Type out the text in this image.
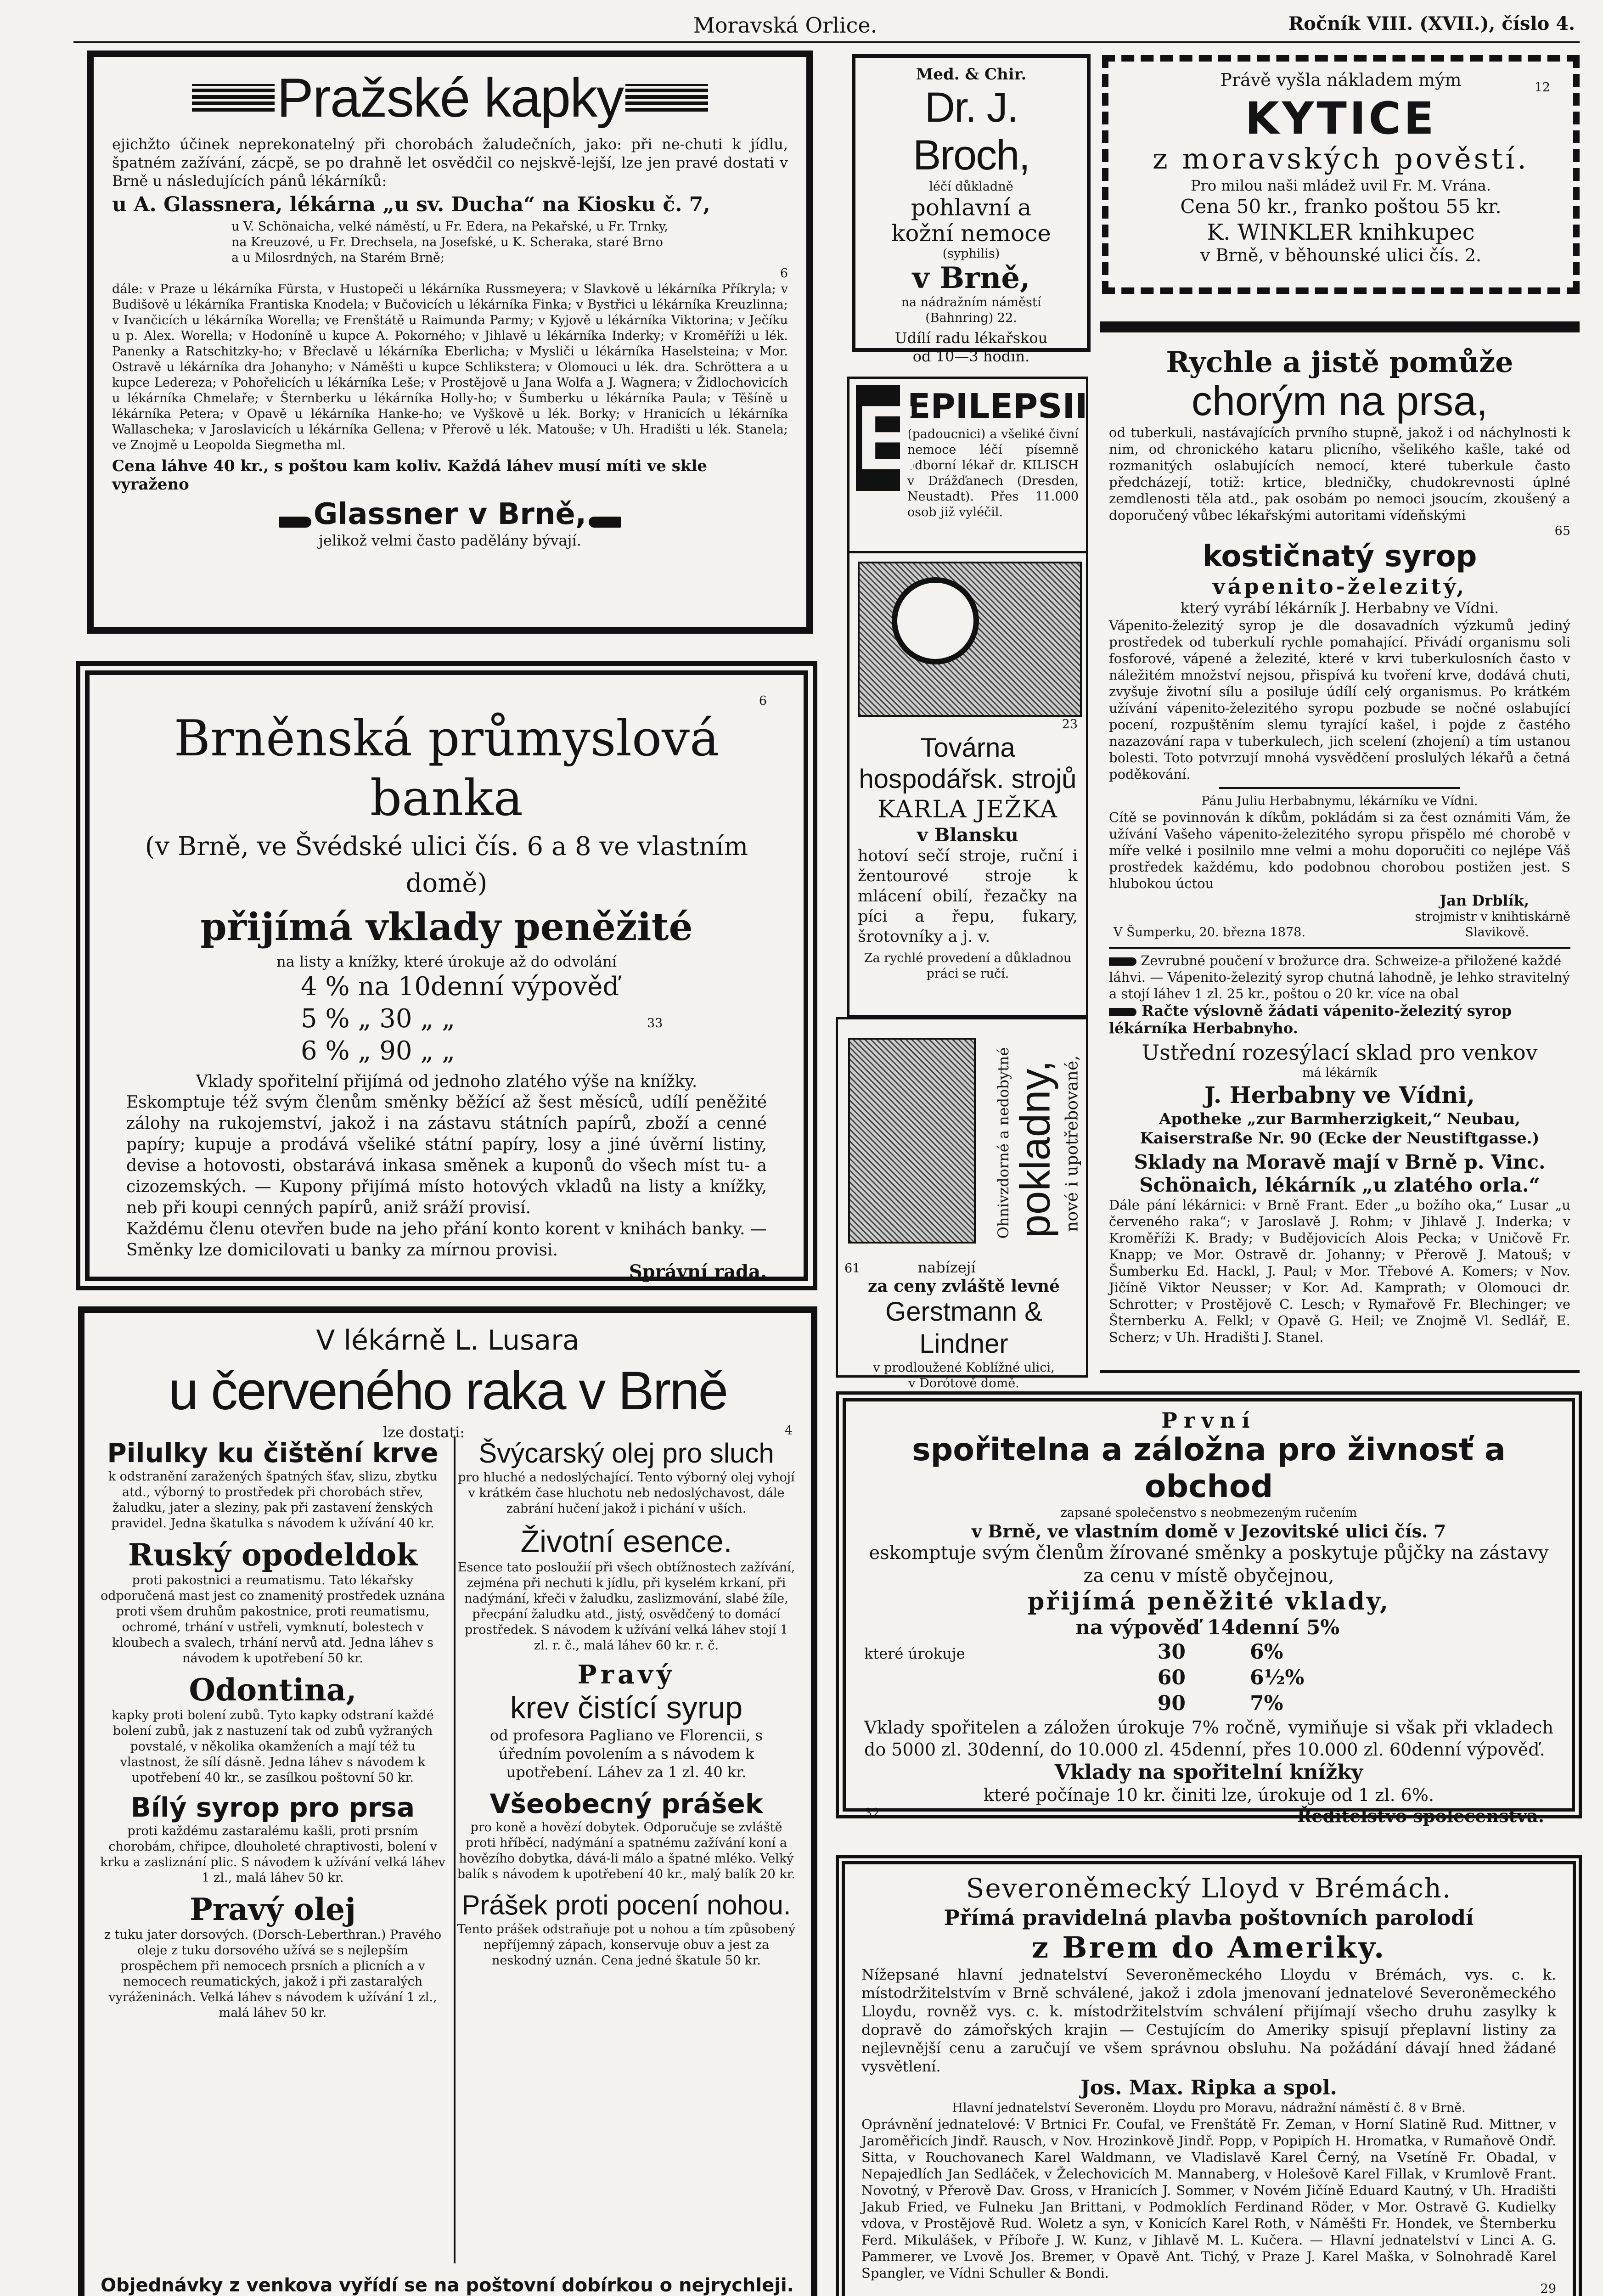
Moravská Orlice.	Ročník VIII. (XVII.), číslo 4.
Pražské kapky

ejichžto účinek neprekonatelný při chorobách žaludečních, jako: při ne-chuti k jídlu, špatném zažívání, zácpě, se po drahně let osvědčil co nejskvě-lejší, lze jen pravé dostati v Brně u následujících pánů lékárníků:

u A. Glassnera, lékárna „u sv. Ducha“ na Kiosku č. 7,

u V. Schönaicha, velké náměstí, u Fr. Edera, na Pekařské, u Fr. Trnky, na Kreuzové, u Fr. Drechsela, na Josefské, u K. Scheraka, staré Brno a u Milosrdných, na Starém Brně;

6

dále: v Praze u lékárníka Fürsta, v Hustopeči u lékárníka Russmeyera; v Slavkově u lékárníka Příkryla; v Budišově u lékárníka Frantiska Knodela; v Bučovicích u lékárníka Finka; v Bystřici u lékárníka Kreuzlinna; v Ivančicích u lékárníka Worella; ve Frenštátě u Raimunda Parmy; v Kyjově u lékárníka Viktorina; v Ječíku u p. Alex. Worella; v Hodoníně u kupce A. Pokorného; v Jihlavě u lékárníka Inderky; v Kroměříži u lék. Panenky a Ratschitzky-ho; v Břeclavě u lékárníka Eberlicha; v Mysliči u lékárníka Haselsteina; v Mor. Ostravě u lékárníka dra Johanyho; v Náměšti u kupce Schlikstera; v Olomouci u lék. dra. Schröttera a u kupce Ledereza; v Pohořelicích u lékárníka Leše; v Prostějově u Jana Wolfa a J. Wagnera; v Židlochovicích u lékárníka Chmelaře; v Šternberku u lékárníka Holly-ho; v Šumberku u lékárníka Paula; v Těšíně u lékárníka Petera; v Opavě u lékárníka Hanke-ho; ve Vyškově u lék. Borky; v Hranicích u lékárníka Wallascheka; v Jaroslavicích u lékárníka Gellena; v Přerově u lék. Matouše; v Uh. Hradišti u lék. Stanela; ve Znojmě u Leopolda Siegmetha ml.

Cena láhve 40 kr., s poštou kam koliv. Každá láhev musí míti ve skle vyraženo

Glassner v Brně,

jelikož velmi často padělány bývají.

6

Brněnská průmyslová banka

(v Brně, ve Švédské ulici čís. 6 a 8 ve vlastním domě)

přijímá vklady peněžité

na listy a knížky, které úrokuje až do odvolání

4 % na 10denní výpověď
5 % „ 30 „ „	33
6 % „ 90 „ „

Vklady spořitelní přijímá od jednoho zlatého výše na knížky.

Eskomptuje též svým členům směnky běžící až šest měsíců, udílí peněžité zálohy na rukojemství, jakož i na zástavu státních papírů, zboží a cenné papíry; kupuje a prodává všeliké státní papíry, losy a jiné úvěrní listiny, devise a hotovosti, obstarává inkasa směnek a kuponů do všech míst tu- a cizozemských. — Kupony přijímá místo hotových vkladů na listy a knížky, neb při koupi cenných papírů, aniž sráží provisí.

Každému členu otevřen bude na jeho přání konto korent v knihách banky. — Směnky lze domicilovati u banky za mírnou provisi.

Správní rada.

V lékárně L. Lusara

u červeného raka v Brně

lze dostati:	4

Pilulky ku čištění krve

k odstranění zaražených špatných šťav, slizu, zbytku atd., výborný to prostředek při chorobách střev, žaludku, jater a sleziny, pak při zastavení ženských pravidel. Jedna škatulka s návodem k užívání 40 kr.

Ruský opodeldok

proti pakostnici a reumatismu. Tato lékařsky odporučená mast jest co znamenitý prostředek uznána proti všem druhům pakostnice, proti reumatismu, ochromé, trhání v ustřeli, vymknutí, bolestech v kloubech a svalech, trhání nervů atd. Jedna láhev s návodem k upotřebení 50 kr.

Odontina,

kapky proti bolení zubů. Tyto kapky odstraní každé bolení zubů, jak z nastuzení tak od zubů vyžraných povstalé, v několika okamženích a mají též tu vlastnost, že sílí dásně. Jedna láhev s návodem k upotřebení 40 kr., se zasílkou poštovní 50 kr.

Bílý syrop pro prsa

proti každému zastaralému kašli, proti prsním chorobám, chřipce, dlouholeté chraptivosti, bolení v krku a zasliznání plic. S návodem k užívání velká láhev 1 zl., malá láhev 50 kr.

Pravý olej

z tuku jater dorsových. (Dorsch-Leberthran.) Pravého oleje z tuku dorsového užívá se s nejlepším prospěchem při nemocech prsních a plicních a v nemocech reumatických, jakož i při zastaralých vyráženinách. Velká láhev s návodem k užívání 1 zl., malá láhev 50 kr.

Švýcarský olej pro sluch

pro hluché a nedoslýchající. Tento výborný olej vyhojí v krátkém čase hluchotu neb nedoslýchavost, dále zabrání hučení jakož i pichání v uších.

Životní esence.

Esence tato posloužií při všech obtížnostech zažívání, zejména při nechuti k jídlu, při kyselém krkaní, při nadýmání, křeči v žaludku, zaslizmování, slabé žíle, přecpání žaludku atd., jistý, osvědčený to domácí prostředek. S návodem k užívání velká láhev stojí 1 zl. r. č., malá láhev 60 kr. r. č.

Pravý

krev čistící syrup

od profesora Pagliano ve Florencii, s úředním povolením a s návodem k upotřebení. Láhev za 1 zl. 40 kr.

Všeobecný prášek

pro koně a hovězí dobytek. Odporučuje se zvláště proti hříběcí, nadýmání a spatnému zažívání koní a hovězího dobytka, dává-li málo a špatné mléko. Velký balík s návodem k upotřebení 40 kr., malý balík 20 kr.

Prášek proti pocení nohou.

Tento prášek odstraňuje pot u nohou a tím způsobený nepříjemný zápach, konservuje obuv a jest za neskodný uznán. Cena jedné škatule 50 kr.

Objednávky z venkova vyřídí se na poštovní dobírkou o nejrychleji.

Med. & Chir.

Dr. J. Broch,

léčí důkladně

pohlavní a

kožní nemoce

(syphilis)

v Brně,

na nádražním náměstí

(Bahnring) 22.

Udílí radu lékařskou

od 10—3 hodin.

E

EPILEPSII

(padoucnici) a všeliké čivní nemoce léčí písemně odborní lékař dr. KILISCH v Drážďanech (Dresden, Neustadt). Přes 11.000 osob již vyléčil.

23

Továrna hospodářsk. strojů

KARLA JEŽKA

v Blansku

hotoví sečí stroje, ruční i žentourové stroje k mlácení obilí, řezačky na píci a řepu, fukary, šrotovníky a j. v.

Za rychlé provedení a důkladnou práci se ručí.

Ohnivzdorné a nedobytné pokladny, nové i upotřebované,
61	nabízejí

za ceny zvláště levné

Gerstmann & Lindner

v prodloužené Koblížné ulici,

v Dorótově domě.

Právě vyšla nákladem mým	12

KYTICE

z moravských pověstí.

Pro milou naši mládež uvil Fr. M. Vrána.

Cena 50 kr., franko poštou 55 kr.

K. WINKLER knihkupec

v Brně, v běhounské ulici čís. 2.

Rychle a jistě pomůže

chorým na prsa,

od tuberkuli, nastávajících prvního stupně, jakož i od náchylnosti k nim, od chronického kataru plicního, všelikého kašle, také od rozmanitých oslabujících nemocí, které tuberkule často předcházejí, totiž: krtice, bledničky, chudokrevnosti úplné zemdlenosti těla atd., pak osobám po nemoci jsoucím, zkoušený a doporučený vůbec lékařskými autoritami vídeňskými

65

kostičnatý syrop

vápenito-železitý,

který vyrábí lékárník J. Herbabny ve Vídni.

Vápenito-železitý syrop je dle dosavadních výzkumů jediný prostředek od tuberkulí rychle pomahající. Přivádí organismu soli fosforové, vápené a železité, které v krvi tuberkulosních často v náležitém množství nejsou, přispívá ku tvoření krve, dodává chuti, zvyšuje životní sílu a posiluje údílí celý organismus. Po krátkém užívání vápenito-železitého syropu pozbude se nočné oslabující pocení, rozpuštěním slemu tyrající kašel, i pojde z častého nazazování rapa v tuberkulech, jich scelení (zhojení) a tím ustanou bolesti. Toto potvrzují mnohá vysvědčení proslulých lékařů a četná poděkování.

Pánu Juliu Herbabnymu, lékárníku ve Vídni.

Cítě se povinnován k díkům, pokládám si za čest oznámiti Vám, že užívání Vašeho vápenito-železitého syropu přispělo mé chorobě v míře velké i posilnilo mne velmi a mohu doporučiti co nejlépe Váš prostředek každému, kdo podobnou chorobou postižen jest. S hlubokou úctou

Jan Drblík,

strojmistr v knihtiskárně

V Šumperku, 20. března 1878.	Slavikově.

Zevrubné poučení v brožurce dra. Schweize-a přiložené každé láhvi. — Vápenito-železitý syrop chutná lahodně, je lehko stravitelný a stojí láhev 1 zl. 25 kr., poštou o 20 kr. více na obal

Račte výslovně žádati vápenito-železitý syrop lékárníka Herbabnyho.

Ustřední rozesýlací sklad pro venkov

má lékárník

J. Herbabny ve Vídni,

Apotheke „zur Barmherzigkeit,“ Neubau, Kaiserstraße Nr. 90 (Ecke der Neustiftgasse.)

Sklady na Moravě mají v Brně p. Vinc. Schönaich, lékárník „u zlatého orla.“

Dále pání lékárnici: v Brně Frant. Eder „u božího oka,“ Lusar „u červeného raka“; v Jaroslavě J. Rohm; v Jihlavě J. Inderka; v Kroměříži K. Brady; v Budějovicích Alois Pecka; v Uničově Fr. Knapp; ve Mor. Ostravě dr. Johanny; v Přerově J. Matouš; v Šumberku Ed. Hackl, J. Paul; v Mor. Třebové A. Komers; v Nov. Jičíně Viktor Neusser; v Kor. Ad. Kamprath; v Olomouci dr. Schrotter; v Prostějově C. Lesch; v Rymařově Fr. Blechinger; ve Šternberku A. Felkl; v Opavě G. Heil; ve Znojmě Vl. Sedlář, E. Scherz; v Uh. Hradišti J. Stanel.

První

spořitelna a záložna pro živnosť a obchod

zapsané společenstvo s neobmezeným ručením

v Brně, ve vlastním domě v Jezovitské ulici čís. 7

eskomptuje svým členům žírované směnky a poskytuje půjčky na zástavy za cenu v místě obyčejnou,

přijímá peněžité vklady,

na výpověď 14denní 5%

které úrokuje	30	6%
60	6½%
90	7%

Vklady spořitelen a záložen úrokuje 7% ročně, vymiňuje si však při vkladech do 5000 zl. 30denní, do 10.000 zl. 45denní, přes 10.000 zl. 60denní výpověď.

Vklady na spořitelní knížky

které počínaje 10 kr. činiti lze, úrokuje od 1 zl. 6%.

32	Ředitelstvo společenstva.

Severoněmecký Lloyd v Brémách.

Přímá pravidelná plavba poštovních parolodí

z Brem do Ameriky.

Nížepsané hlavní jednatelství Severoněmeckého Lloydu v Brémách, vys. c. k. místodržitelstvím v Brně schválené, jakož i zdola jmenovaní jednatelové Severoněmeckého Lloydu, rovněž vys. c. k. místodržitelstvím schválení přijímají všecho druhu zasylky k dopravě do zámořských krajin — Cestujícím do Ameriky spisují přeplavní listiny za nejlevnější cenu a zaručují ve všem správnou obsluhu. Na požádání dávají hned žádané vysvětlení.

Jos. Max. Ripka a spol.

Hlavní jednatelství Severoněm. Lloydu pro Moravu, nádražní náměstí č. 8 v Brně.

Oprávnění jednatelové: V Brtnici Fr. Coufal, ve Frenštátě Fr. Zeman, v Horní Slatině Rud. Mittner, v Jaroměřicích Jindř. Rausch, v Nov. Hrozinkově Jindř. Popp, v Popipích H. Hromatka, v Rumaňově Ondř. Sitta, v Rouchovanech Karel Waldmann, ve Vladislavě Karel Černý, na Vsetíně Fr. Obadal, v Nepajedlích Jan Sedláček, v Želechovicích M. Mannaberg, v Holešově Karel Fillak, v Krumlově Frant. Novotný, v Přerově Dav. Gross, v Hranicích J. Sommer, v Novém Jičíně Eduard Kautný, v Uh. Hradišti Jakub Fried, ve Fulneku Jan Brittani, v Podmoklích Ferdinand Röder, v Mor. Ostravě G. Kudielky vdova, v Prostějově Rud. Woletz a syn, v Konicích Karel Roth, v Náměšti Fr. Hondek, ve Šternberku Ferd. Mikulášek, v Příboře J. W. Kunz, v Jihlavě M. L. Kučera. — Hlavní jednatelství v Linci A. G. Pammerer, ve Lvově Jos. Bremer, v Opavě Ant. Tichý, v Praze J. Karel Maška, v Solnohradě Karel Spangler, ve Vídni Schuller & Bondi.

29
